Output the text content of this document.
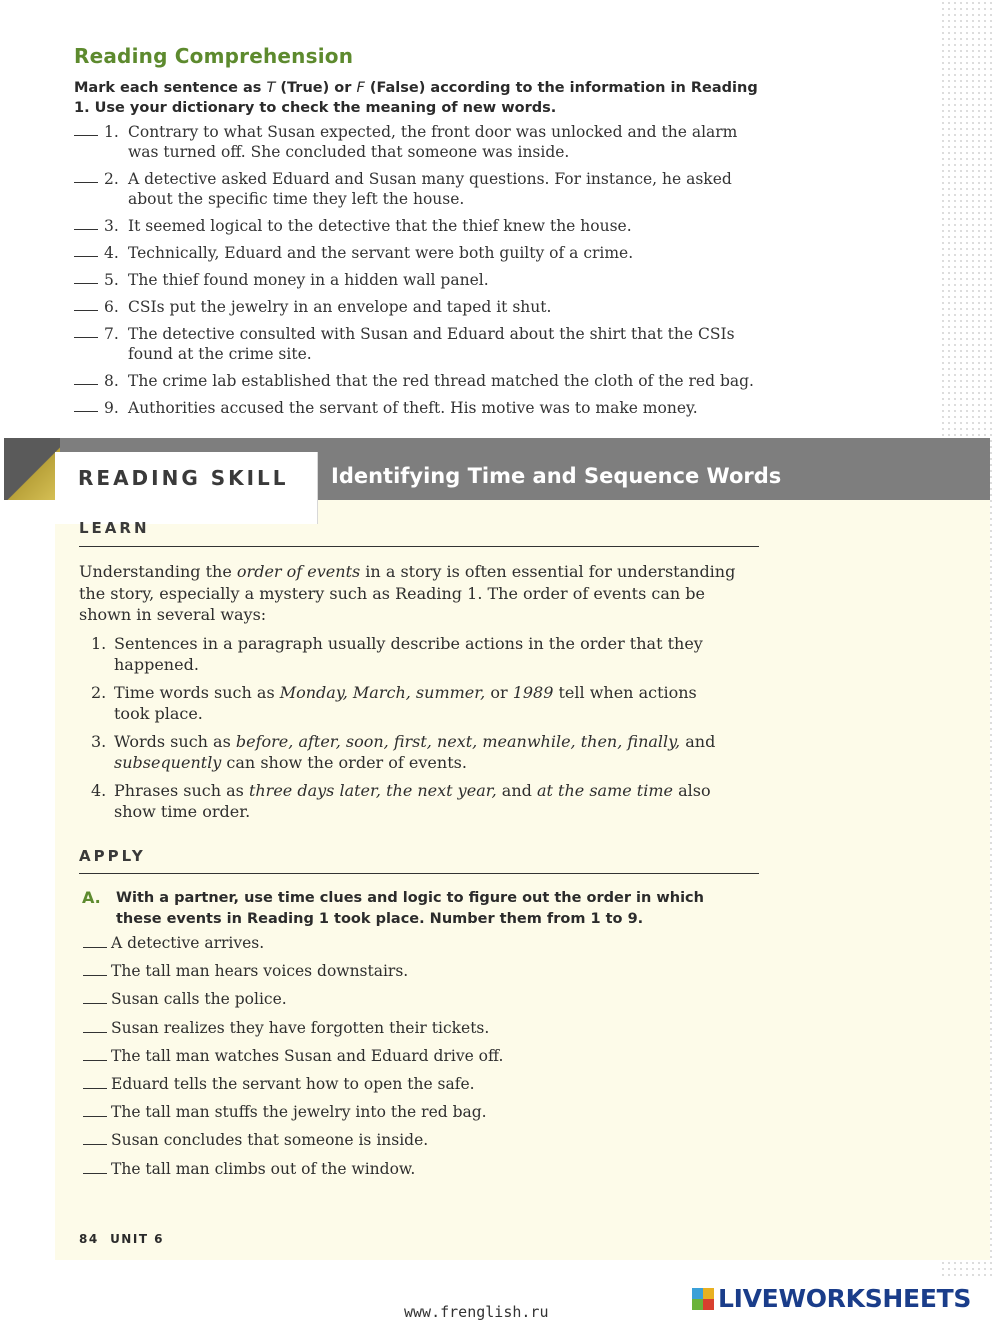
Reading Comprehension
Mark each sentence as T (True) or F (False) according to the information in Reading 1. Use your dictionary to check the meaning of new words.
1. Contrary to what Susan expected, the front door was unlocked and the alarm was turned off. She concluded that someone was inside.
2. A detective asked Eduard and Susan many questions. For instance, he asked about the specific time they left the house.
3. It seemed logical to the detective that the thief knew the house.
4. Technically, Eduard and the servant were both guilty of a crime.
5. The thief found money in a hidden wall panel.
6. CSIs put the jewelry in an envelope and taped it shut.
7. The detective consulted with Susan and Eduard about the shirt that the CSIs found at the crime site.
8. The crime lab established that the red thread matched the cloth of the red bag.
9. Authorities accused the servant of theft. His motive was to make money.
READING SKILL Identifying Time and Sequence Words
LEARN
Understanding the order of events in a story is often essential for understanding the story, especially a mystery such as Reading 1. The order of events can be shown in several ways:
1. Sentences in a paragraph usually describe actions in the order that they happened.
2. Time words such as Monday, March, summer, or 1989 tell when actions took place.
3. Words such as before, after, soon, first, next, meanwhile, then, finally, and subsequently can show the order of events.
4. Phrases such as three days later, the next year, and at the same time also show time order.
APPLY
A.	With a partner, use time clues and logic to figure out the order in which these events in Reading 1 took place. Number them from 1 to 9.
A detective arrives.
The tall man hears voices downstairs.
Susan calls the police.
Susan realizes they have forgotten their tickets.
The tall man watches Susan and Eduard drive off.
Eduard tells the servant how to open the safe.
The tall man stuffs the jewelry into the red bag.
Susan concludes that someone is inside.
The tall man climbs out of the window.
84 UNIT 6
www.frenglish.ru	LIVEWORKSHEETS
